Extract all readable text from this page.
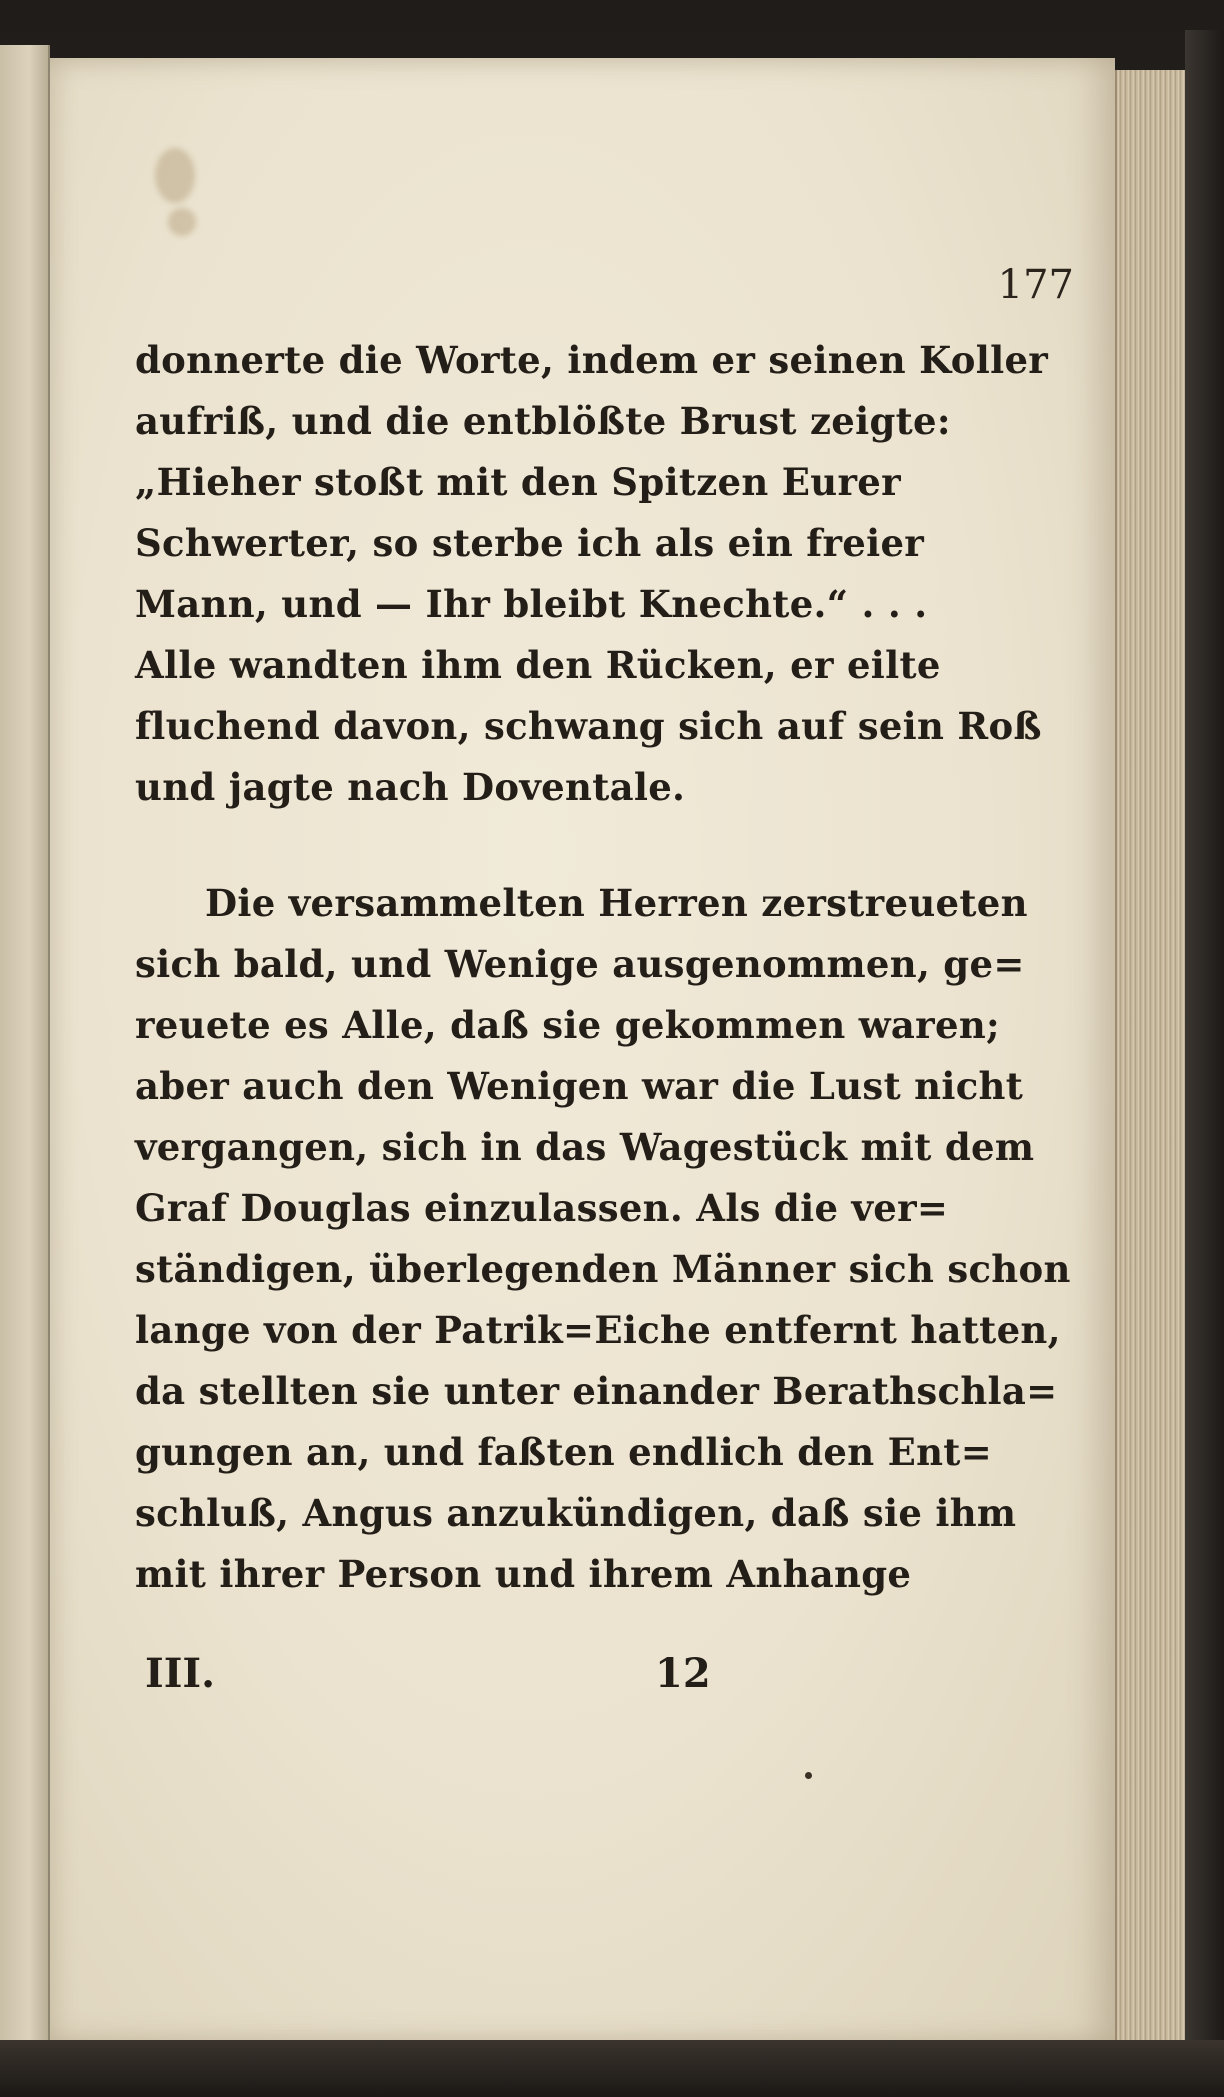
177

donnerte die Worte, indem er seinen Koller
aufriß, und die entblößte Brust zeigte:
„Hieher stoßt mit den Spitzen Eurer
Schwerter, so sterbe ich als ein freier
Mann, und — Ihr bleibt Knechte.“ . . .
Alle wandten ihm den Rücken, er eilte
fluchend davon, schwang sich auf sein Roß
und jagte nach Doventale.
Die versammelten Herren zerstreueten
sich bald, und Wenige ausgenommen, ge=
reuete es Alle, daß sie gekommen waren;
aber auch den Wenigen war die Lust nicht
vergangen, sich in das Wagestück mit dem
Graf Douglas einzulassen. Als die ver=
ständigen, überlegenden Männer sich schon
lange von der Patrik=Eiche entfernt hatten,
da stellten sie unter einander Berathschla=
gungen an, und faßten endlich den Ent=
schluß, Angus anzukündigen, daß sie ihm
mit ihrer Person und ihrem Anhange
III.	12
